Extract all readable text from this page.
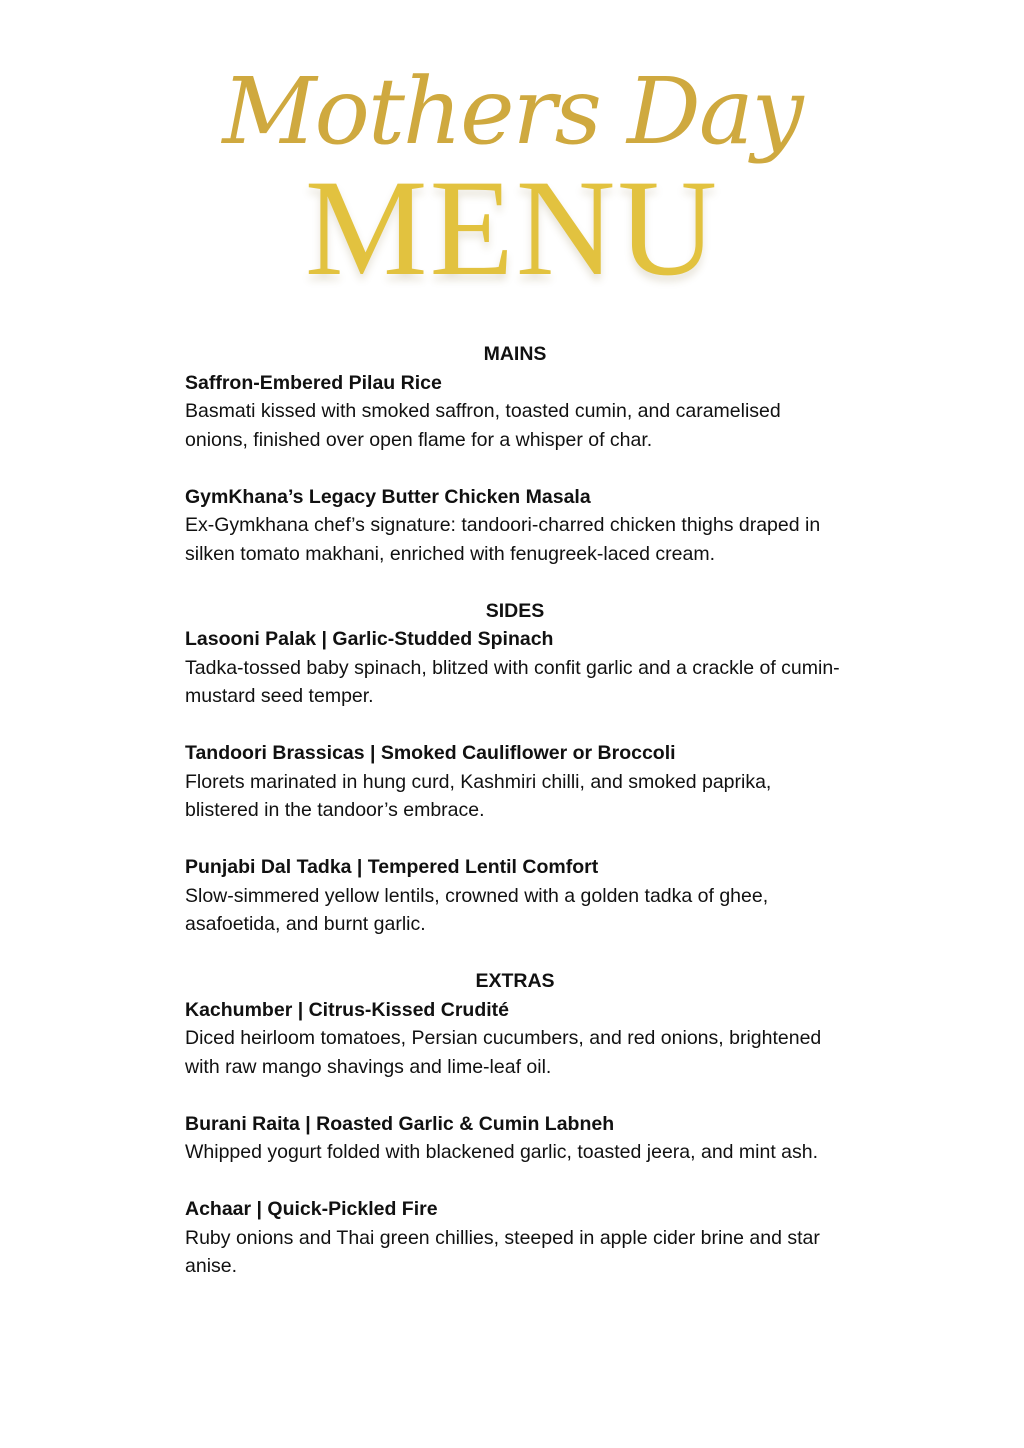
Mothers Day
MENU

MAINS

Saffron-Embered Pilau Rice

Basmati kissed with smoked saffron, toasted cumin, and caramelised onions, finished over open flame for a whisper of char.

GymKhana’s Legacy Butter Chicken Masala

Ex-Gymkhana chef’s signature: tandoori-charred chicken thighs draped in silken tomato makhani, enriched with fenugreek-laced cream.

SIDES

Lasooni Palak | Garlic-Studded Spinach

Tadka-tossed baby spinach, blitzed with confit garlic and a crackle of cumin-mustard seed temper.

Tandoori Brassicas | Smoked Cauliflower or Broccoli

Florets marinated in hung curd, Kashmiri chilli, and smoked paprika, blistered in the tandoor’s embrace.

Punjabi Dal Tadka | Tempered Lentil Comfort

Slow-simmered yellow lentils, crowned with a golden tadka of ghee, asafoetida, and burnt garlic.

EXTRAS

Kachumber | Citrus-Kissed Crudité

Diced heirloom tomatoes, Persian cucumbers, and red onions, brightened with raw mango shavings and lime-leaf oil.

Burani Raita | Roasted Garlic & Cumin Labneh

Whipped yogurt folded with blackened garlic, toasted jeera, and mint ash.

Achaar | Quick-Pickled Fire

Ruby onions and Thai green chillies, steeped in apple cider brine and star anise.
